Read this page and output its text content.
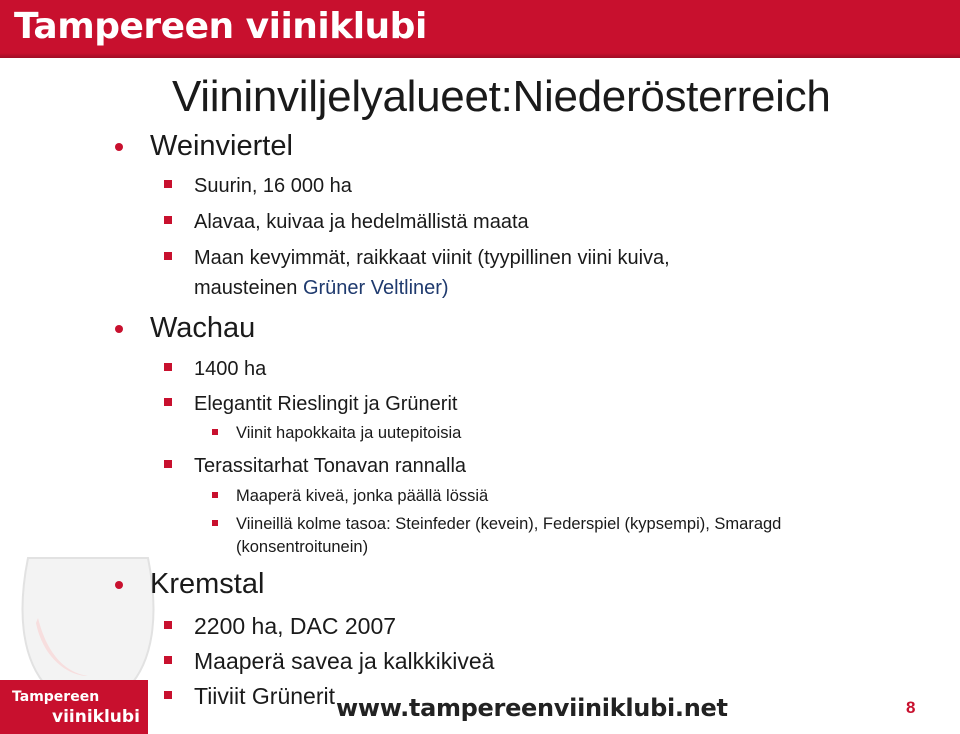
Tampereen viiniklubi
Viininviljelyalueet:Niederösterreich
Tampereen
viiniklubi
Weinviertel
Suurin, 16 000 ha
Alavaa, kuivaa ja hedelmällistä maata
Maan kevyimmät, raikkaat viinit (tyypillinen viini kuiva,
mausteinen Grüner Veltliner)
Wachau
1400 ha
Elegantit Rieslingit ja Grünerit
Viinit hapokkaita ja uutepitoisia
Terassitarhat Tonavan rannalla
Maaperä kiveä, jonka päällä lössiä
Viineillä kolme tasoa: Steinfeder (kevein), Federspiel (kypsempi), Smaragd
(konsentroitunein)
Kremstal
2200 ha, DAC 2007
Maaperä savea ja kalkkikiveä
Tiiviit Grünerit www.tampereenviiniklubi.net	8
